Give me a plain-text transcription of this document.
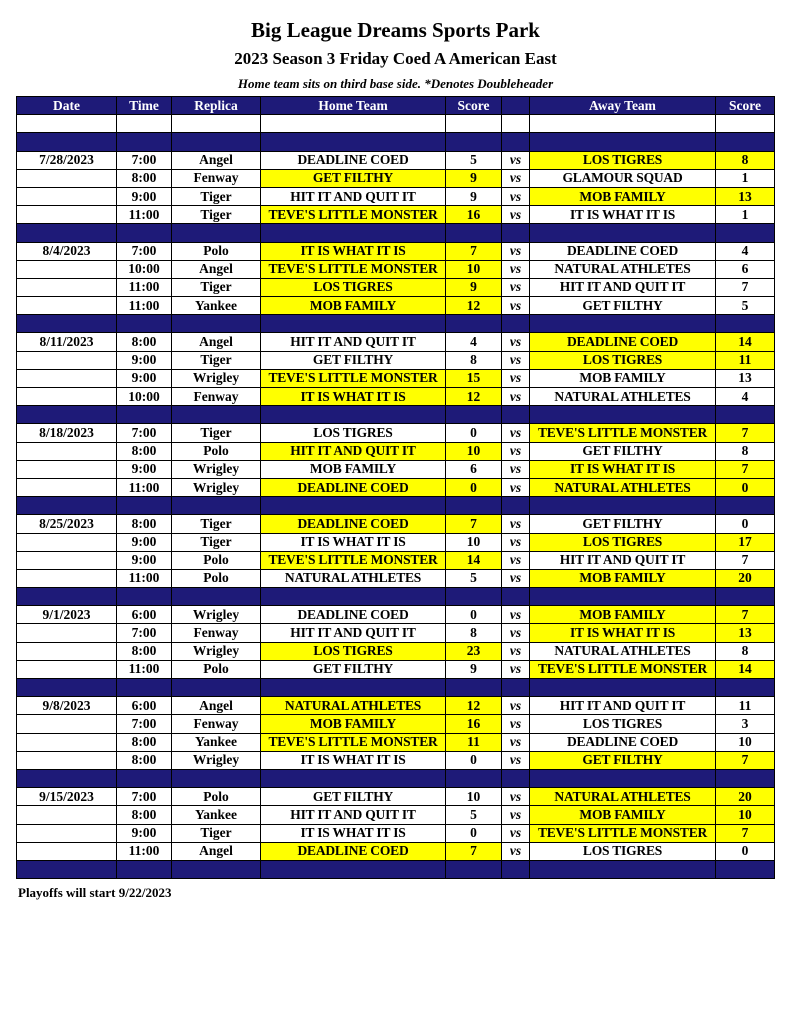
Big League Dreams Sports Park
2023 Season 3 Friday Coed A American East
Home team sits on third base side. *Denotes Doubleheader
Date	Time	Replica	Home Team	Score		Away Team	Score

7/28/2023	7:00	Angel	DEADLINE COED	5	vs	LOS TIGRES	8
	8:00	Fenway	GET FILTHY	9	vs	GLAMOUR SQUAD	1
	9:00	Tiger	HIT IT AND QUIT IT	9	vs	MOB FAMILY	13
	11:00	Tiger	TEVE'S LITTLE MONSTER	16	vs	IT IS WHAT IT IS	1

8/4/2023	7:00	Polo	IT IS WHAT IT IS	7	vs	DEADLINE COED	4
	10:00	Angel	TEVE'S LITTLE MONSTER	10	vs	NATURAL ATHLETES	6
	11:00	Tiger	LOS TIGRES	9	vs	HIT IT AND QUIT IT	7
	11:00	Yankee	MOB FAMILY	12	vs	GET FILTHY	5

8/11/2023	8:00	Angel	HIT IT AND QUIT IT	4	vs	DEADLINE COED	14
	9:00	Tiger	GET FILTHY	8	vs	LOS TIGRES	11
	9:00	Wrigley	TEVE'S LITTLE MONSTER	15	vs	MOB FAMILY	13
	10:00	Fenway	IT IS WHAT IT IS	12	vs	NATURAL ATHLETES	4

8/18/2023	7:00	Tiger	LOS TIGRES	0	vs	TEVE'S LITTLE MONSTER	7
	8:00	Polo	HIT IT AND QUIT IT	10	vs	GET FILTHY	8
	9:00	Wrigley	MOB FAMILY	6	vs	IT IS WHAT IT IS	7
	11:00	Wrigley	DEADLINE COED	0	vs	NATURAL ATHLETES	0

8/25/2023	8:00	Tiger	DEADLINE COED	7	vs	GET FILTHY	0
	9:00	Tiger	IT IS WHAT IT IS	10	vs	LOS TIGRES	17
	9:00	Polo	TEVE'S LITTLE MONSTER	14	vs	HIT IT AND QUIT IT	7
	11:00	Polo	NATURAL ATHLETES	5	vs	MOB FAMILY	20

9/1/2023	6:00	Wrigley	DEADLINE COED	0	vs	MOB FAMILY	7
	7:00	Fenway	HIT IT AND QUIT IT	8	vs	IT IS WHAT IT IS	13
	8:00	Wrigley	LOS TIGRES	23	vs	NATURAL ATHLETES	8
	11:00	Polo	GET FILTHY	9	vs	TEVE'S LITTLE MONSTER	14

9/8/2023	6:00	Angel	NATURAL ATHLETES	12	vs	HIT IT AND QUIT IT	11
	7:00	Fenway	MOB FAMILY	16	vs	LOS TIGRES	3
	8:00	Yankee	TEVE'S LITTLE MONSTER	11	vs	DEADLINE COED	10
	8:00	Wrigley	IT IS WHAT IT IS	0	vs	GET FILTHY	7

9/15/2023	7:00	Polo	GET FILTHY	10	vs	NATURAL ATHLETES	20
	8:00	Yankee	HIT IT AND QUIT IT	5	vs	MOB FAMILY	10
	9:00	Tiger	IT IS WHAT IT IS	0	vs	TEVE'S LITTLE MONSTER	7
	11:00	Angel	DEADLINE COED	7	vs	LOS TIGRES	0

Playoffs will start 9/22/2023
